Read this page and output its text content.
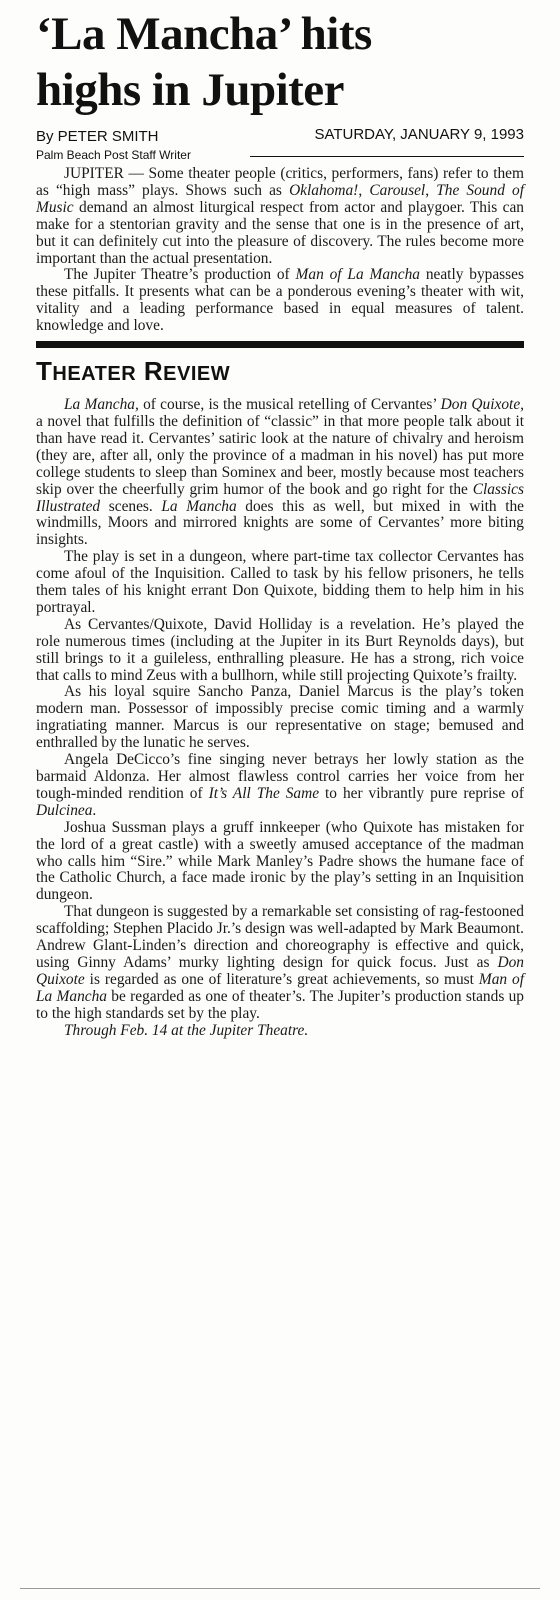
‘La Mancha’ hits
highs in Jupiter
By PETER SMITH	SATURDAY, JANUARY 9, 1993
Palm Beach Post Staff Writer

JUPITER — Some theater people (critics, performers, fans) refer to them as “high mass” plays. Shows such as Oklahoma!, Carousel, The Sound of Music demand an almost liturgical respect from actor and playgoer. This can make for a stentorian gravity and the sense that one is in the presence of art, but it can definitely cut into the pleasure of discovery. The rules become more important than the actual presentation.

The Jupiter Theatre’s production of Man of La Mancha neatly bypasses these pitfalls. It presents what can be a ponderous evening’s theater with wit, vitality and a leading performance based in equal measures of talent. knowledge and love.

THEATER REVIEW

La Mancha, of course, is the musical retelling of Cervantes’ Don Quixote, a novel that fulfills the definition of “classic” in that more people talk about it than have read it. Cervantes’ satiric look at the nature of chivalry and heroism (they are, after all, only the province of a madman in his novel) has put more college students to sleep than Sominex and beer, mostly because most teachers skip over the cheerfully grim humor of the book and go right for the Classics Illustrated scenes. La Mancha does this as well, but mixed in with the windmills, Moors and mirrored knights are some of Cervantes’ more biting insights.

The play is set in a dungeon, where part-time tax collector Cervantes has come afoul of the Inquisition. Called to task by his fellow prisoners, he tells them tales of his knight errant Don Quixote, bidding them to help him in his portrayal.

As Cervantes/Quixote, David Holliday is a revelation. He’s played the role numerous times (including at the Jupiter in its Burt Reynolds days), but still brings to it a guileless, enthralling pleasure. He has a strong, rich voice that calls to mind Zeus with a bullhorn, while still projecting Quixote’s frailty.

As his loyal squire Sancho Panza, Daniel Marcus is the play’s token modern man. Possessor of impossibly precise comic timing and a warmly ingratiating manner. Marcus is our representative on stage; bemused and enthralled by the lunatic he serves.

Angela DeCicco’s fine singing never betrays her lowly station as the barmaid Aldonza. Her almost flawless control carries her voice from her tough-minded rendition of It’s All The Same to her vibrantly pure reprise of Dulcinea.

Joshua Sussman plays a gruff innkeeper (who Quixote has mistaken for the lord of a great castle) with a sweetly amused acceptance of the madman who calls him “Sire.” while Mark Manley’s Padre shows the humane face of the Catholic Church, a face made ironic by the play’s setting in an Inquisition dungeon.

That dungeon is suggested by a remarkable set consisting of rag-festooned scaffolding; Stephen Placido Jr.’s design was well-adapted by Mark Beaumont. Andrew Glant-Linden’s direction and choreography is effective and quick, using Ginny Adams’ murky lighting design for quick focus. Just as Don Quixote is regarded as one of literature’s great achievements, so must Man of La Mancha be regarded as one of theater’s. The Jupiter’s production stands up to the high standards set by the play.

Through Feb. 14 at the Jupiter Theatre.
